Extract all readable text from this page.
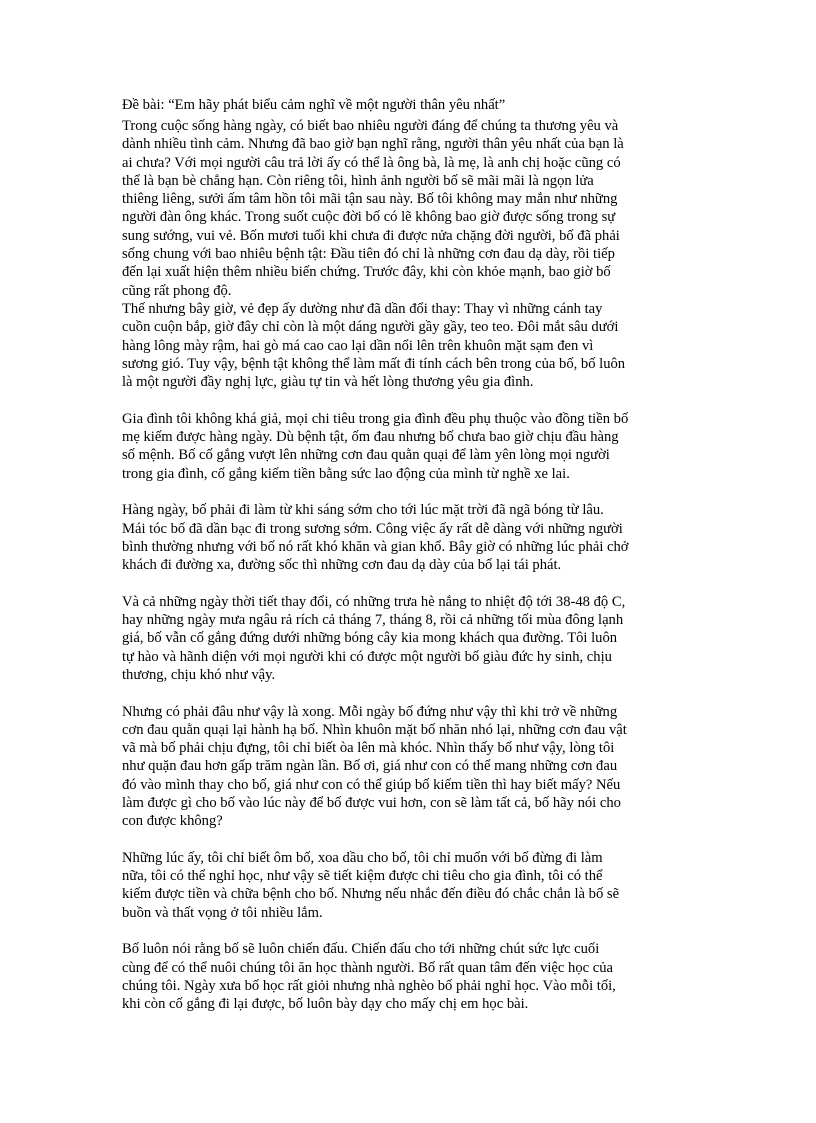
Đề bài: “Em hãy phát biểu cảm nghĩ về một người thân yêu nhất”
Trong cuộc sống hàng ngày, có biết bao nhiêu người đáng để chúng ta thương yêu và
dành nhiều tình cảm. Nhưng đã bao giờ bạn nghĩ rằng, người thân yêu nhất của bạn là
ai chưa? Với mọi người câu trả lời ấy có thể là ông bà, là mẹ, là anh chị hoặc cũng có
thể là bạn bè chẳng hạn. Còn riêng tôi, hình ảnh người bố sẽ mãi mãi là ngọn lửa
thiêng liêng, sưởi ấm tâm hồn tôi mãi tận sau này. Bố tôi không may mắn như những
người đàn ông khác. Trong suốt cuộc đời bố có lẽ không bao giờ được sống trong sự
sung sướng, vui vẻ. Bốn mươi tuổi khi chưa đi được nửa chặng đời người, bố đã phải
sống chung với bao nhiêu bệnh tật: Đầu tiên đó chỉ là những cơn đau dạ dày, rồi tiếp
đến lại xuất hiện thêm nhiều biến chứng. Trước đây, khi còn khỏe mạnh, bao giờ bố
cũng rất phong độ.
Thế nhưng bây giờ, vẻ đẹp ấy dường như đã dần đổi thay: Thay vì những cánh tay
cuồn cuộn bắp, giờ đây chỉ còn là một dáng người gầy gầy, teo teo. Đôi mắt sâu dưới
hàng lông mày rậm, hai gò má cao cao lại dần nổi lên trên khuôn mặt sạm đen vì
sương gió. Tuy vậy, bệnh tật không thể làm mất đi tính cách bên trong của bố, bố luôn
là một người đầy nghị lực, giàu tự tin và hết lòng thương yêu gia đình.
Gia đình tôi không khá giả, mọi chi tiêu trong gia đình đều phụ thuộc vào đồng tiền bố
mẹ kiếm được hàng ngày. Dù bệnh tật, ốm đau nhưng bố chưa bao giờ chịu đầu hàng
số mệnh. Bố cố gắng vượt lên những cơn đau quằn quại để làm yên lòng mọi người
trong gia đình, cố gắng kiếm tiền bằng sức lao động của mình từ nghề xe lai.
Hàng ngày, bố phải đi làm từ khi sáng sớm cho tới lúc mặt trời đã ngã bóng từ lâu.
Mái tóc bố đã dần bạc đi trong sương sớm. Công việc ấy rất dễ dàng với những người
bình thường nhưng với bố nó rất khó khăn và gian khổ. Bây giờ có những lúc phải chở
khách đi đường xa, đường sốc thì những cơn đau dạ dày của bố lại tái phát.
Và cả những ngày thời tiết thay đổi, có những trưa hè nắng to nhiệt độ tới 38-48 độ C,
hay những ngày mưa ngâu rả rích cả tháng 7, tháng 8, rồi cả những tối mùa đông lạnh
giá, bố vẫn cố gắng đứng dưới những bóng cây kia mong khách qua đường. Tôi luôn
tự hào và hãnh diện với mọi người khi có được một người bố giàu đức hy sinh, chịu
thương, chịu khó như vậy.
Nhưng có phải đâu như vậy là xong. Mỗi ngày bố đứng như vậy thì khi trở về những
cơn đau quằn quại lại hành hạ bố. Nhìn khuôn mặt bố nhăn nhó lại, những cơn đau vật
vã mà bố phải chịu đựng, tôi chỉ biết òa lên mà khóc. Nhìn thấy bố như vậy, lòng tôi
như quặn đau hơn gấp trăm ngàn lần. Bố ơi, giá như con có thể mang những cơn đau
đó vào mình thay cho bố, giá như con có thể giúp bố kiếm tiền thì hay biết mấy? Nếu
làm được gì cho bố vào lúc này để bố được vui hơn, con sẽ làm tất cả, bố hãy nói cho
con được không?
Những lúc ấy, tôi chỉ biết ôm bố, xoa dầu cho bố, tôi chỉ muốn với bố đừng đi làm
nữa, tôi có thể nghỉ học, như vậy sẽ tiết kiệm được chi tiêu cho gia đình, tôi có thể
kiếm được tiền và chữa bệnh cho bố. Nhưng nếu nhắc đến điều đó chắc chắn là bố sẽ
buồn và thất vọng ở tôi nhiều lắm.
Bố luôn nói rằng bố sẽ luôn chiến đấu. Chiến đấu cho tới những chút sức lực cuối
cùng để có thể nuôi chúng tôi ăn học thành người. Bố rất quan tâm đến việc học của
chúng tôi. Ngày xưa bố học rất giỏi nhưng nhà nghèo bố phải nghỉ học. Vào mỗi tối,
khi còn cố gắng đi lại được, bố luôn bày dạy cho mấy chị em học bài.
